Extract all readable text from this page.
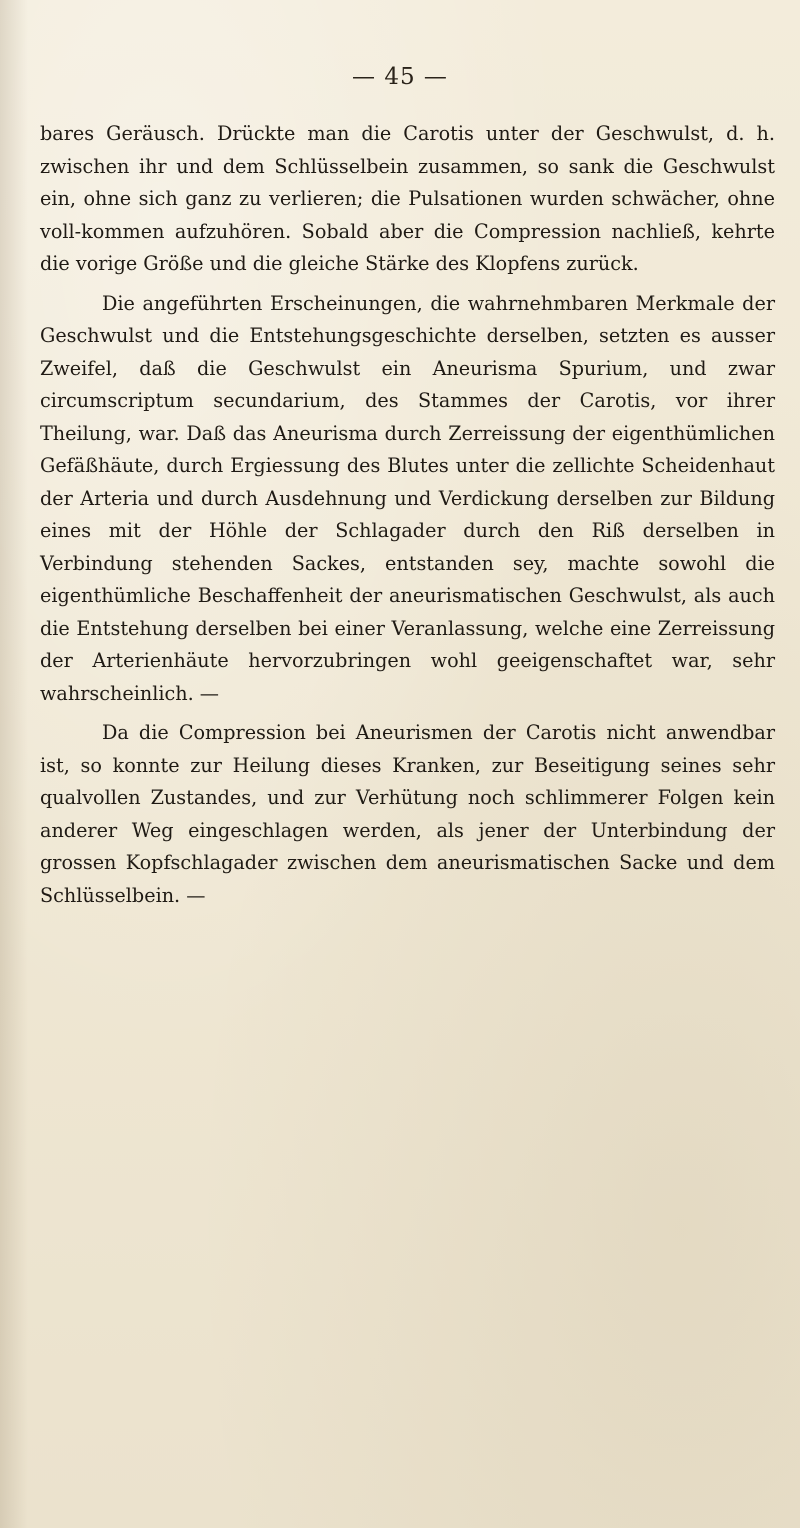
— 45 —

bares Geräusch. Drückte man die Carotis unter der Geschwulst, d. h. zwischen ihr und dem Schlüsselbein zusammen, so sank die Geschwulst ein, ohne sich ganz zu verlieren; die Pulsationen wurden schwächer, ohne voll-kommen aufzuhören. Sobald aber die Compression nachließ, kehrte die vorige Größe und die gleiche Stärke des Klopfens zurück.

Die angeführten Erscheinungen, die wahrnehmbaren Merkmale der Geschwulst und die Entstehungsgeschichte derselben, setzten es ausser Zweifel, daß die Geschwulst ein Aneurisma Spurium, und zwar circumscriptum secundarium, des Stammes der Carotis, vor ihrer Theilung, war. Daß das Aneurisma durch Zerreissung der eigenthümlichen Gefäßhäute, durch Ergiessung des Blutes unter die zellichte Scheidenhaut der Arteria und durch Ausdehnung und Verdickung derselben zur Bildung eines mit der Höhle der Schlagader durch den Riß derselben in Verbindung stehenden Sackes, entstanden sey, machte sowohl die eigenthümliche Beschaffenheit der aneurismatischen Geschwulst, als auch die Entstehung derselben bei einer Veranlassung, welche eine Zerreissung der Arterienhäute hervorzubringen wohl geeigenschaftet war, sehr wahrscheinlich. —

Da die Compression bei Aneurismen der Carotis nicht anwendbar ist, so konnte zur Heilung dieses Kranken, zur Beseitigung seines sehr qualvollen Zustandes, und zur Verhütung noch schlimmerer Folgen kein anderer Weg eingeschlagen werden, als jener der Unterbindung der grossen Kopfschlagader zwischen dem aneurismatischen Sacke und dem Schlüsselbein. —
